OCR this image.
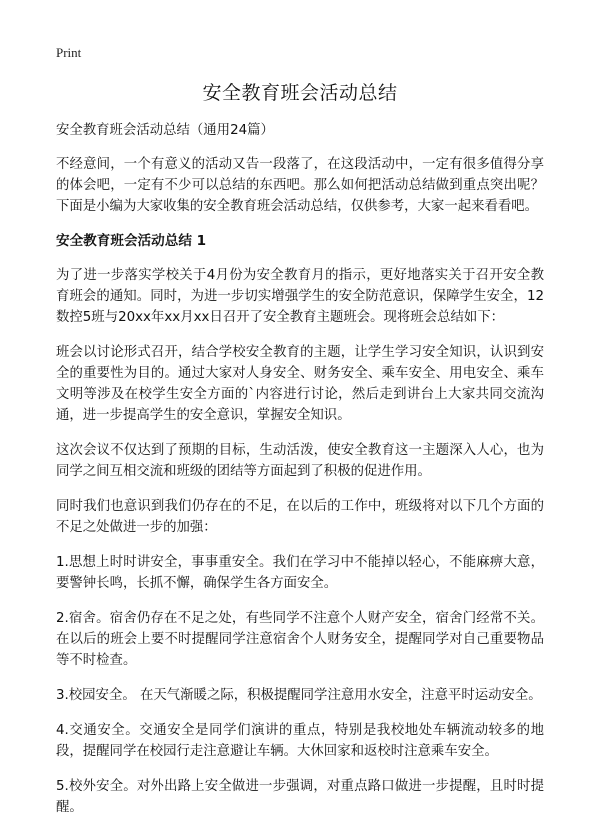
Print
安全教育班会活动总结

安全教育班会活动总结（通用24篇）

不经意间，一个有意义的活动又告一段落了，在这段活动中，一定有很多值得分享的体会吧，一定有不少可以总结的东西吧。那么如何把活动总结做到重点突出呢？下面是小编为大家收集的安全教育班会活动总结，仅供参考，大家一起来看看吧。

安全教育班会活动总结 1

为了进一步落实学校关于4月份为安全教育月的指示，更好地落实关于召开安全教育班会的通知。同时，为进一步切实增强学生的安全防范意识，保障学生安全，12数控5班与20xx年xx月xx日召开了安全教育主题班会。现将班会总结如下：

班会以讨论形式召开，结合学校安全教育的主题，让学生学习安全知识，认识到安全的重要性为目的。通过大家对人身安全、财务安全、乘车安全、用电安全、乘车文明等涉及在校学生安全方面的`内容进行讨论，然后走到讲台上大家共同交流沟通，进一步提高学生的安全意识，掌握安全知识。

这次会议不仅达到了预期的目标，生动活泼，使安全教育这一主题深入人心，也为同学之间互相交流和班级的团结等方面起到了积极的促进作用。

同时我们也意识到我们仍存在的不足，在以后的工作中，班级将对以下几个方面的不足之处做进一步的加强：

1.思想上时时讲安全，事事重安全。我们在学习中不能掉以轻心，不能麻痹大意，要警钟长鸣，长抓不懈，确保学生各方面安全。

2.宿舍。宿舍仍存在不足之处，有些同学不注意个人财产安全，宿舍门经常不关。在以后的班会上要不时提醒同学注意宿舍个人财务安全，提醒同学对自己重要物品等不时检查。

3.校园安全。 在天气渐暖之际，积极提醒同学注意用水安全，注意平时运动安全。

4.交通安全。交通安全是同学们演讲的重点，特别是我校地处车辆流动较多的地段，提醒同学在校园行走注意避让车辆。大休回家和返校时注意乘车安全。

5.校外安全。对外出路上安全做进一步强调，对重点路口做进一步提醒，且时时提醒。
